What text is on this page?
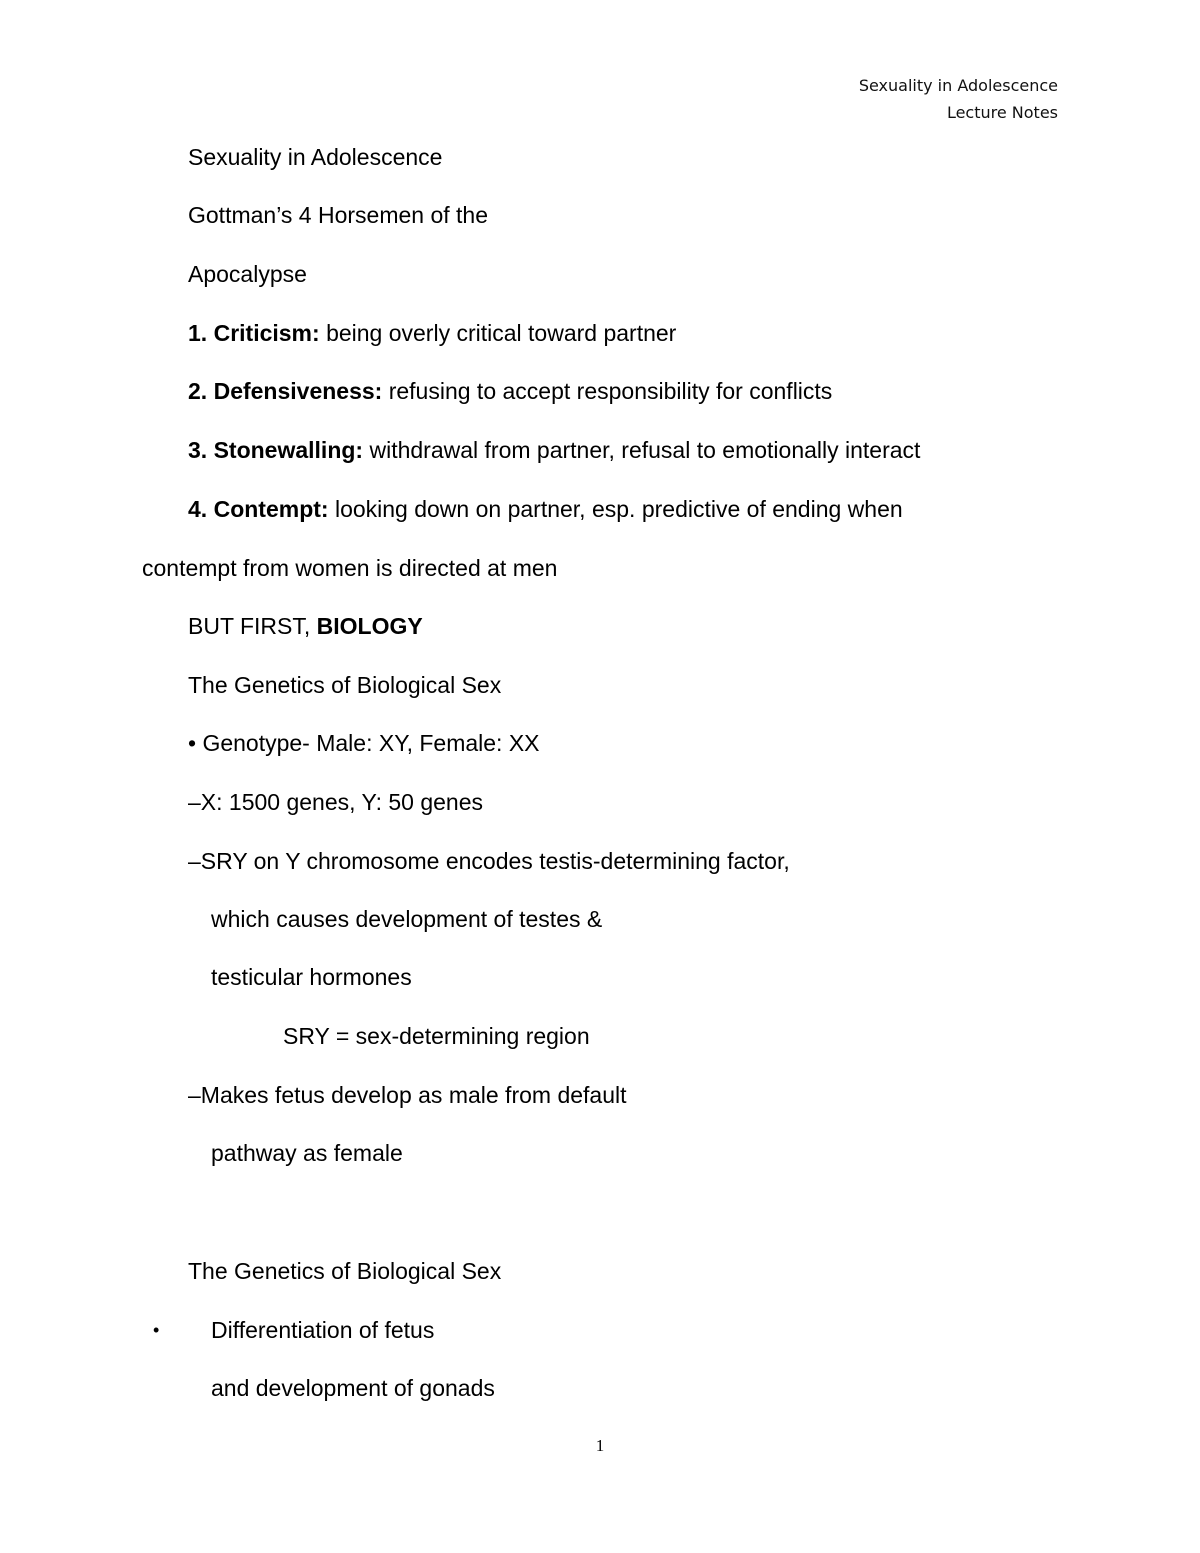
Sexuality in Adolescence
Lecture Notes
Sexuality in Adolescence
Gottman’s 4 Horsemen of the
Apocalypse
1. Criticism: being overly critical toward partner
2. Defensiveness: refusing to accept responsibility for conflicts
3. Stonewalling: withdrawal from partner, refusal to emotionally interact
4. Contempt: looking down on partner, esp. predictive of ending when
contempt from women is directed at men
BUT FIRST, BIOLOGY
The Genetics of Biological Sex
• Genotype- Male: XY, Female: XX
–X: 1500 genes, Y: 50 genes
–SRY on Y chromosome encodes testis-determining factor,
which causes development of testes &
testicular hormones
SRY = sex-determining region
–Makes fetus develop as male from default
pathway as female
The Genetics of Biological Sex
• Differentiation of fetus
and development of gonads
1
